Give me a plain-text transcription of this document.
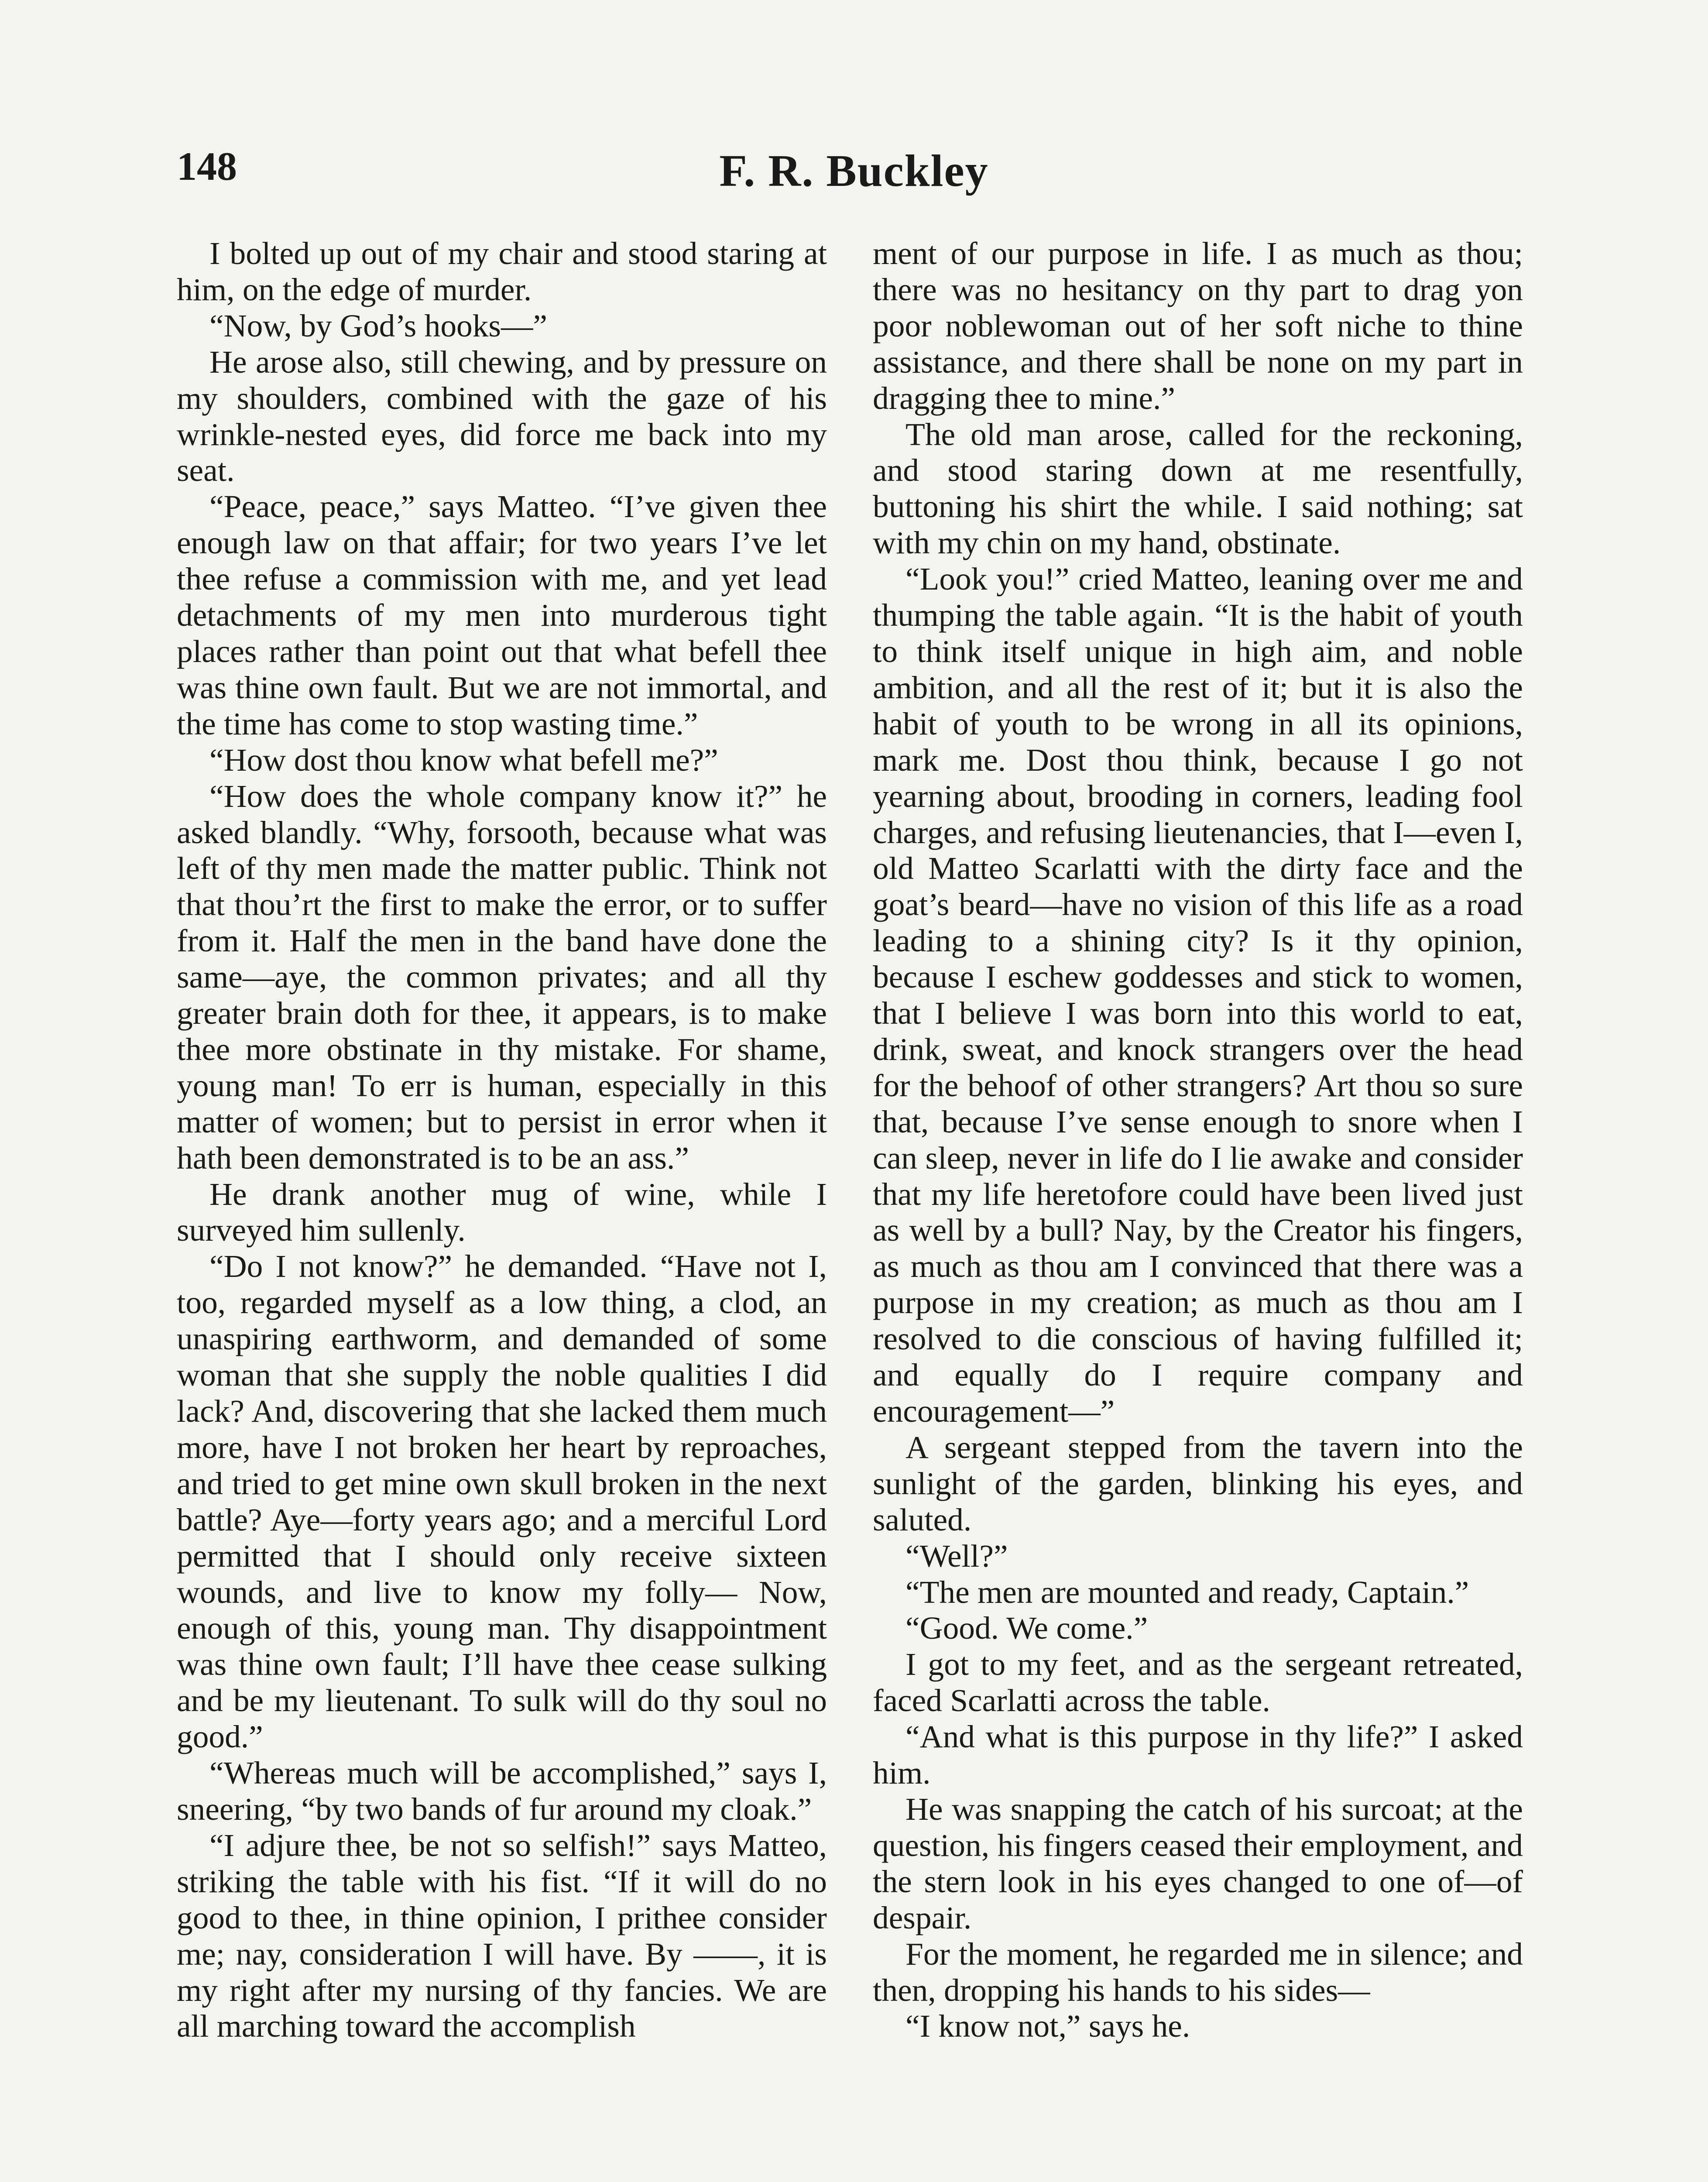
148	F. R. Buckley

I bolted up out of my chair and stood staring at him, on the edge of murder.

“Now, by God’s hooks—”

He arose also, still chewing, and by pressure on my shoulders, combined with the gaze of his wrinkle-nested eyes, did force me back into my seat.

“Peace, peace,” says Matteo. “I’ve given thee enough law on that affair; for two years I’ve let thee refuse a commission with me, and yet lead detachments of my men into murderous tight places rather than point out that what befell thee was thine own fault. But we are not immortal, and the time has come to stop wasting time.”

“How dost thou know what befell me?”

“How does the whole company know it?” he asked blandly. “Why, forsooth, because what was left of thy men made the matter public. Think not that thou’rt the first to make the error, or to suffer from it. Half the men in the band have done the same—aye, the common privates; and all thy greater brain doth for thee, it appears, is to make thee more obstinate in thy mistake. For shame, young man! To err is human, especially in this matter of women; but to persist in error when it hath been demonstrated is to be an ass.”

He drank another mug of wine, while I surveyed him sullenly.

“Do I not know?” he demanded. “Have not I, too, regarded myself as a low thing, a clod, an unaspiring earthworm, and demanded of some woman that she supply the noble qualities I did lack? And, discovering that she lacked them much more, have I not broken her heart by reproaches, and tried to get mine own skull broken in the next battle? Aye—forty years ago; and a merciful Lord permitted that I should only receive sixteen wounds, and live to know my folly— Now, enough of this, young man. Thy disappointment was thine own fault; I’ll have thee cease sulking and be my lieutenant. To sulk will do thy soul no good.”

“Whereas much will be accomplished,” says I, sneering, “by two bands of fur around my cloak.”

“I adjure thee, be not so selfish!” says Matteo, striking the table with his fist. “If it will do no good to thee, in thine opinion, I prithee consider me; nay, consideration I will have. By ——, it is my right after my nursing of thy fancies. We are all marching toward the accomplish

ment of our purpose in life. I as much as thou; there was no hesitancy on thy part to drag yon poor noblewoman out of her soft niche to thine assistance, and there shall be none on my part in dragging thee to mine.”

The old man arose, called for the reckoning, and stood staring down at me resentfully, buttoning his shirt the while. I said nothing; sat with my chin on my hand, obstinate.

“Look you!” cried Matteo, leaning over me and thumping the table again. “It is the habit of youth to think itself unique in high aim, and noble ambition, and all the rest of it; but it is also the habit of youth to be wrong in all its opinions, mark me. Dost thou think, because I go not yearning about, brooding in corners, leading fool charges, and refusing lieutenancies, that I—even I, old Matteo Scarlatti with the dirty face and the goat’s beard—have no vision of this life as a road leading to a shining city? Is it thy opinion, because I eschew goddesses and stick to women, that I believe I was born into this world to eat, drink, sweat, and knock strangers over the head for the behoof of other strangers? Art thou so sure that, because I’ve sense enough to snore when I can sleep, never in life do I lie awake and consider that my life heretofore could have been lived just as well by a bull? Nay, by the Creator his fingers, as much as thou am I convinced that there was a purpose in my creation; as much as thou am I resolved to die conscious of having fulfilled it; and equally do I require company and encouragement—”

A sergeant stepped from the tavern into the sunlight of the garden, blinking his eyes, and saluted.

“Well?”

“The men are mounted and ready, Captain.”

“Good. We come.”

I got to my feet, and as the sergeant retreated, faced Scarlatti across the table.

“And what is this purpose in thy life?” I asked him.

He was snapping the catch of his surcoat; at the question, his fingers ceased their employment, and the stern look in his eyes changed to one of—of despair.

For the moment, he regarded me in silence; and then, dropping his hands to his sides—

“I know not,” says he.
